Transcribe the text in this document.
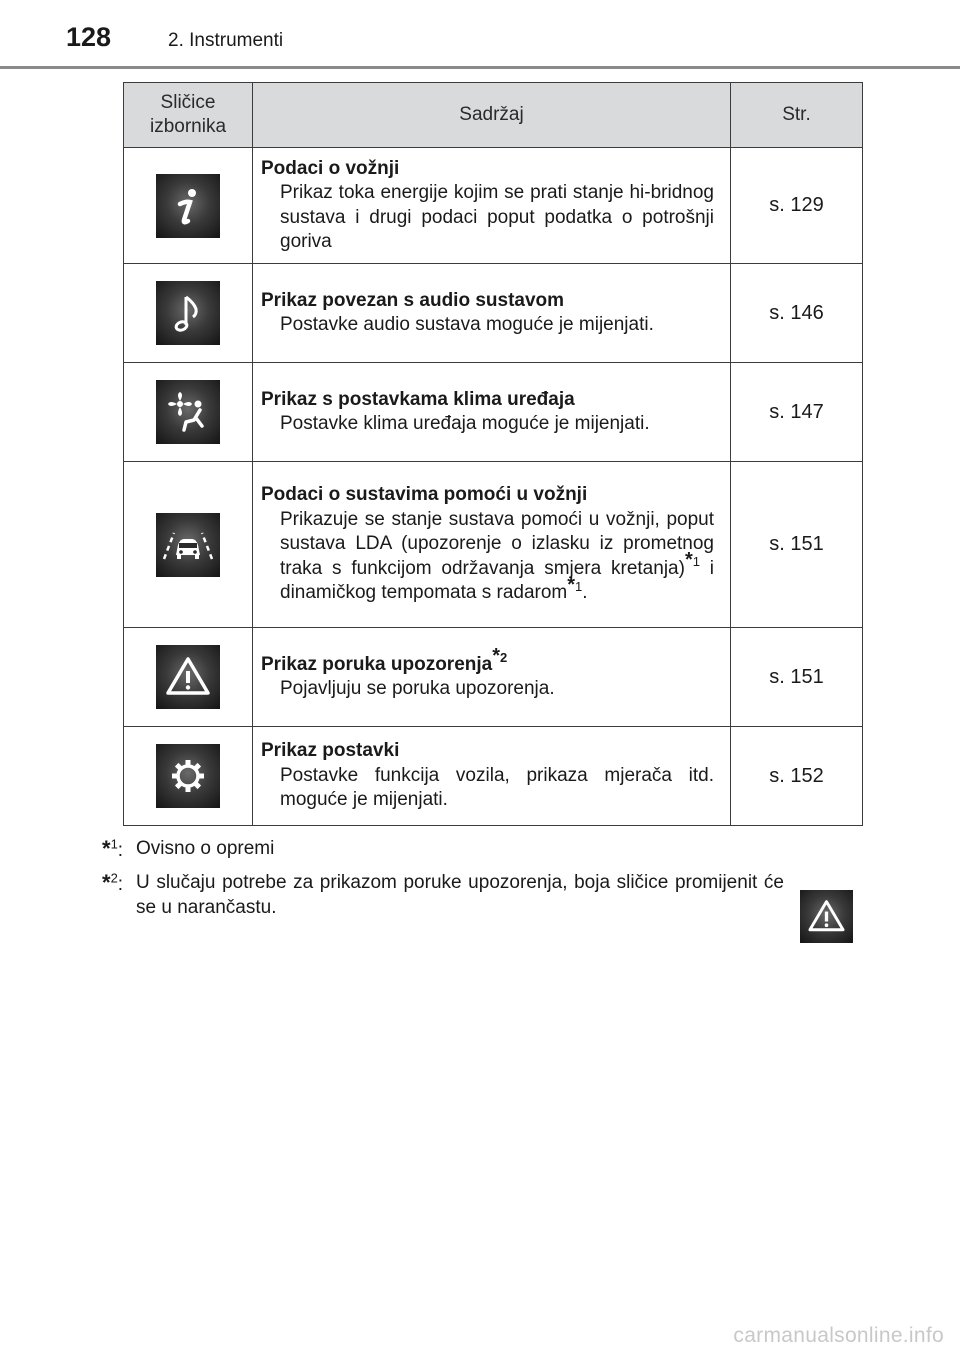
128	2. Instrumenti
Sličice izbornika	Sadržaj	Str.

Podaci o vožnji
Prikaz toka energije kojim se prati stanje hi-bridnog sustava i drugi podaci poput podatka o potrošnji goriva	s. 129

Prikaz povezan s audio sustavom
Postavke audio sustava moguće je mijenjati.	s. 146

Prikaz s postavkama klima uređaja
Postavke klima uređaja moguće je mijenjati.	s. 147

Podaci o sustavima pomoći u vožnji
Prikazuje se stanje sustava pomoći u vožnji, poput sustava LDA (upozorenje o izlasku iz prometnog traka s funkcijom održavanja smjera kretanja)$^{*1}$ i dinamičkog tempomata s radarom$^{*1}$.	s. 151

Prikaz poruka upozorenja$^{*2}$
Pojavljuju se poruka upozorenja.	s. 151

Prikaz postavki
Postavke funkcija vozila, prikaza mjerača itd. moguće je mijenjati.	s. 152
*$^1$: Ovisno o opremi
*$^2$: U slučaju potrebe za prikazom poruke upozorenja, boja sličice promijenit će se u narančastu.
carmanualsonline.info
